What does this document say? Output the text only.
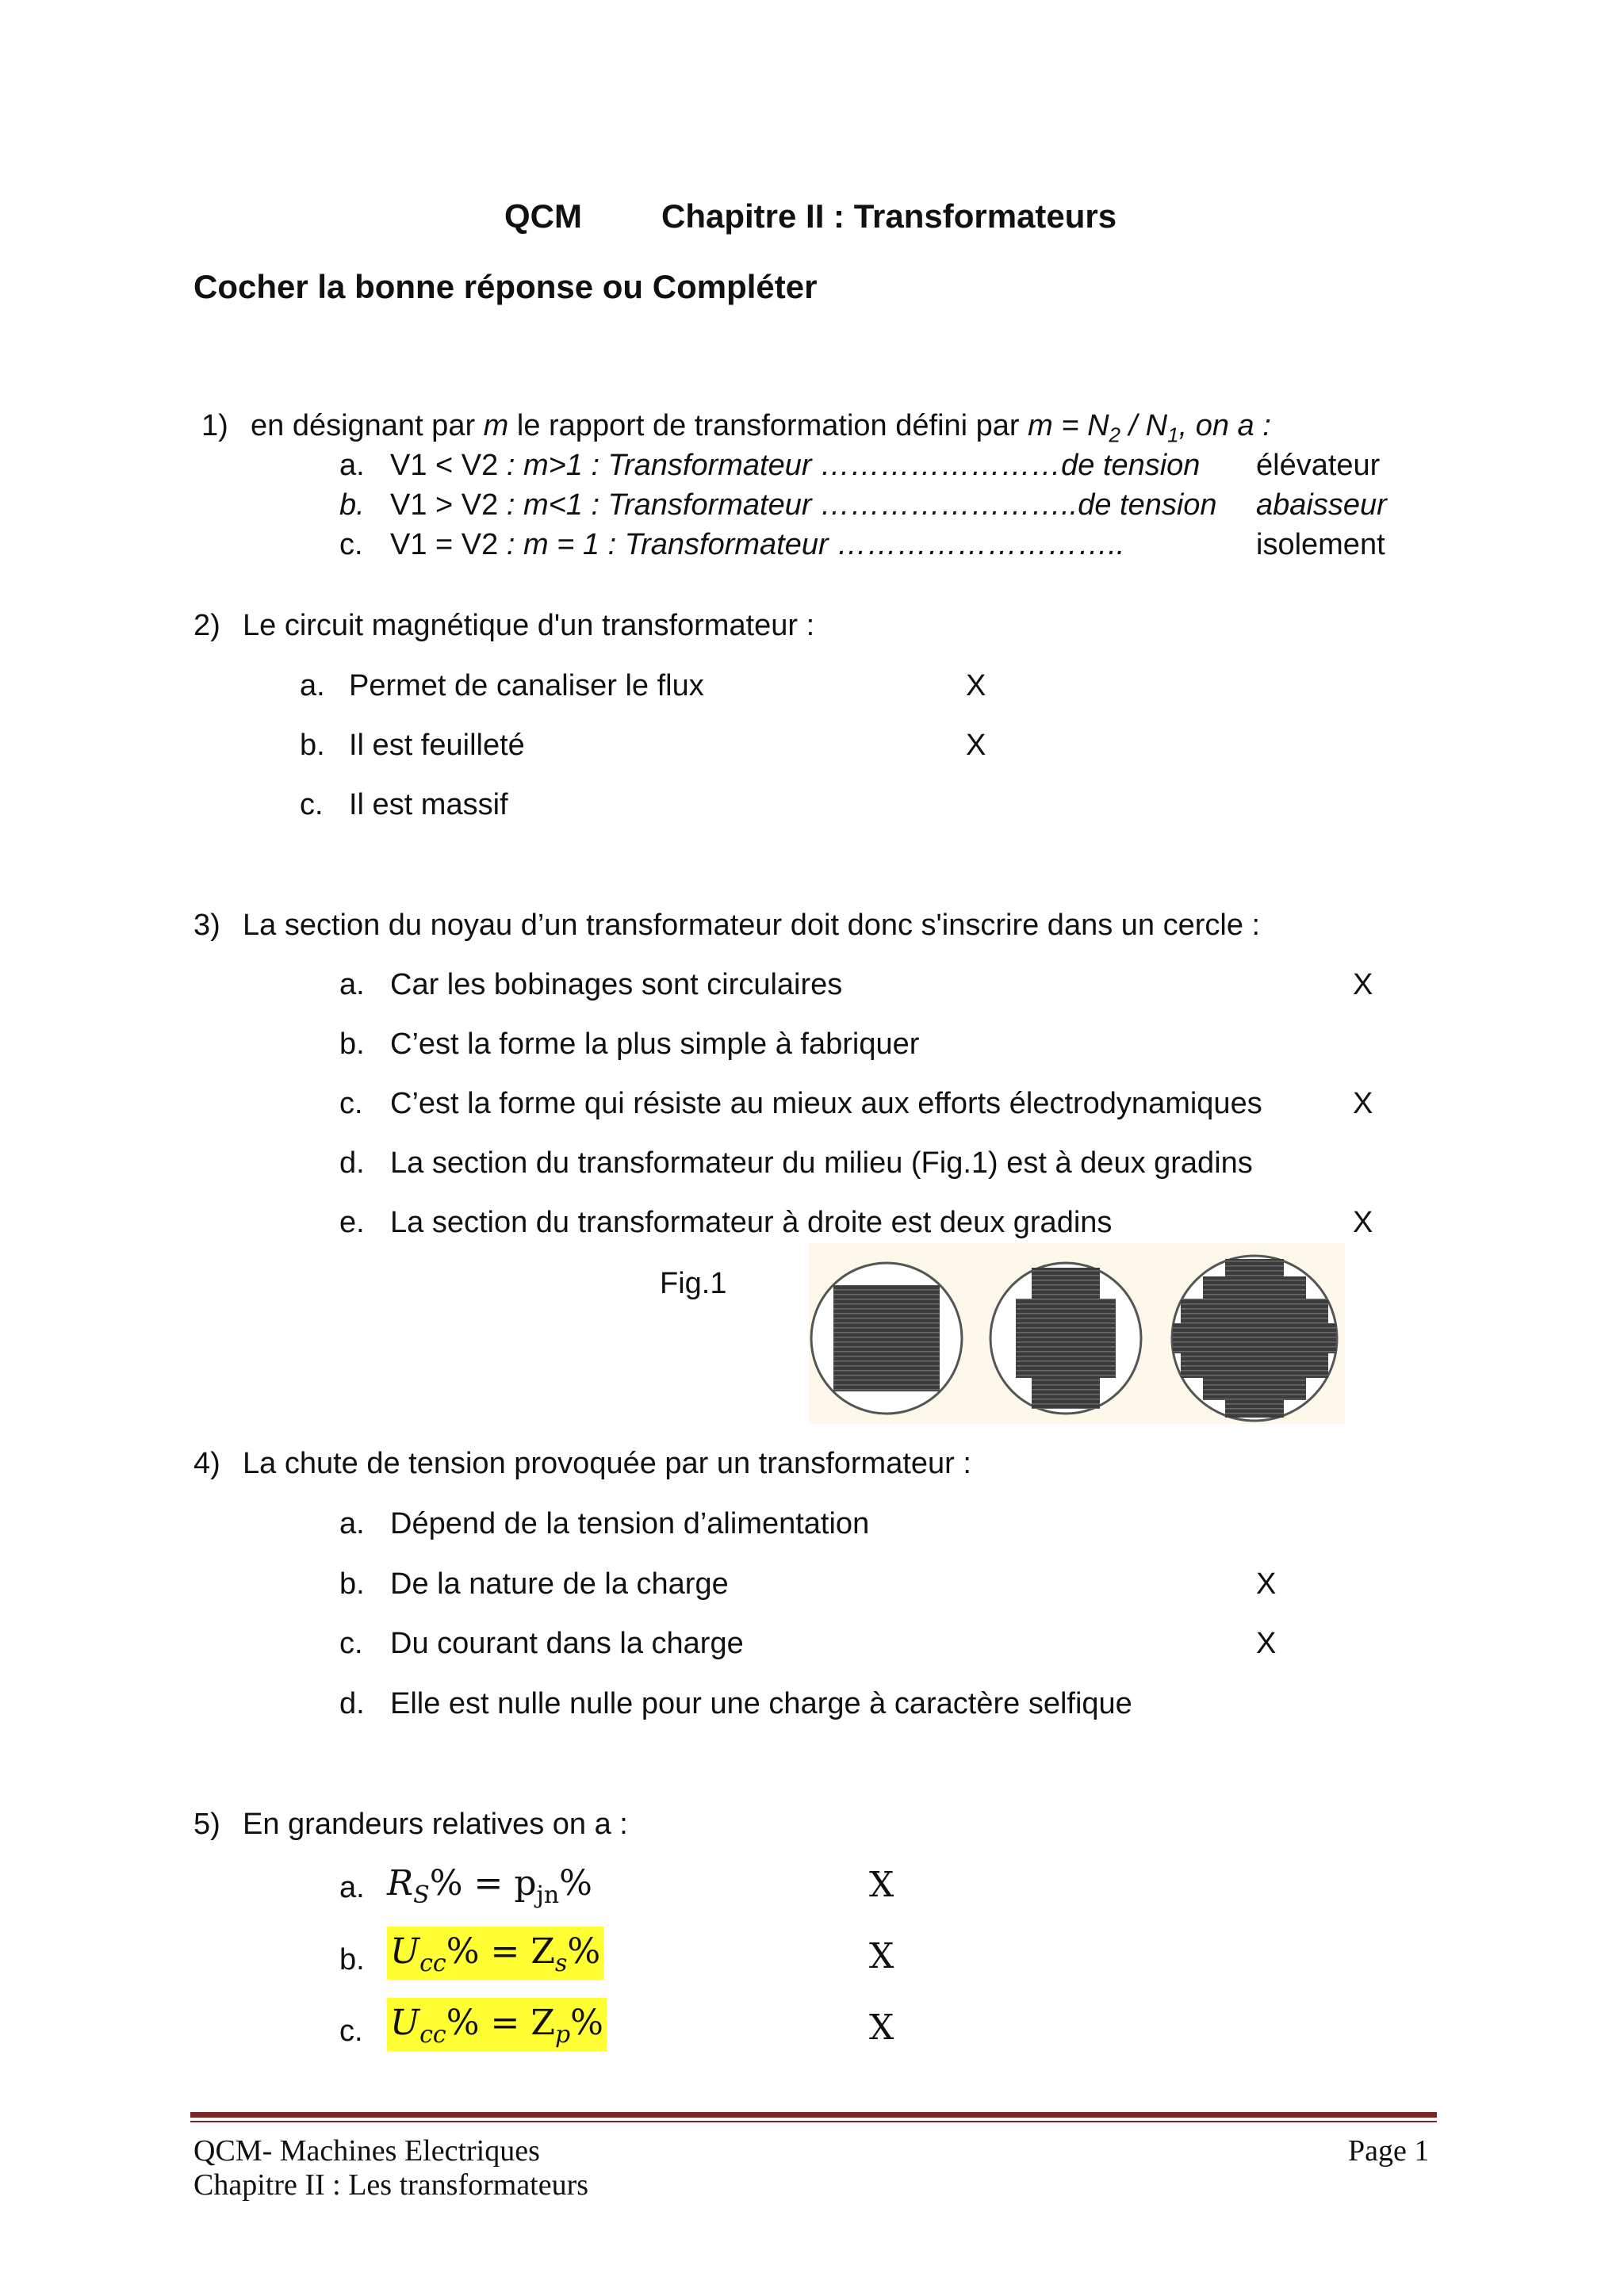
QCM Chapitre II : Transformateurs
Cocher la bonne réponse ou Compléter
1) en désignant par m le rapport de transformation défini par $m = N_2 / N_1$, on a :
a. V1 < V2 : m>1 : Transformateur ……………………de tension élévateur
b. V1 > V2 : m<1 : Transformateur ……………………..de tension abaisseur
c. V1 = V2 : m = 1 : Transformateur ………………………..	isolement
2) Le circuit magnétique d'un transformateur :
a. Permet de canaliser le flux	X
b. Il est feuilleté	X
c. Il est massif
3) La section du noyau d’un transformateur doit donc s'inscrire dans un cercle :
a. Car les bobinages sont circulaires	X
b. C’est la forme la plus simple à fabriquer
c. C’est la forme qui résiste au mieux aux efforts électrodynamiques	X
d. La section du transformateur du milieu (Fig.1) est à deux gradins
e. La section du transformateur à droite est deux gradins	X
Fig.1
4) La chute de tension provoquée par un transformateur :
a. Dépend de la tension d’alimentation
b. De la nature de la charge	X
c. Du courant dans la charge	X
d. Elle est nulle nulle pour une charge à caractère selfique
5) En grandeurs relatives on a :
a. $R_S\% = p_{jn}\%$	X
b. $U_{cc}\% = Z_s\%$	X
c. $U_{cc}\% = Z_p\%$	X
QCM- Machines Electriques
Chapitre II : Les transformateurs
Page 1
